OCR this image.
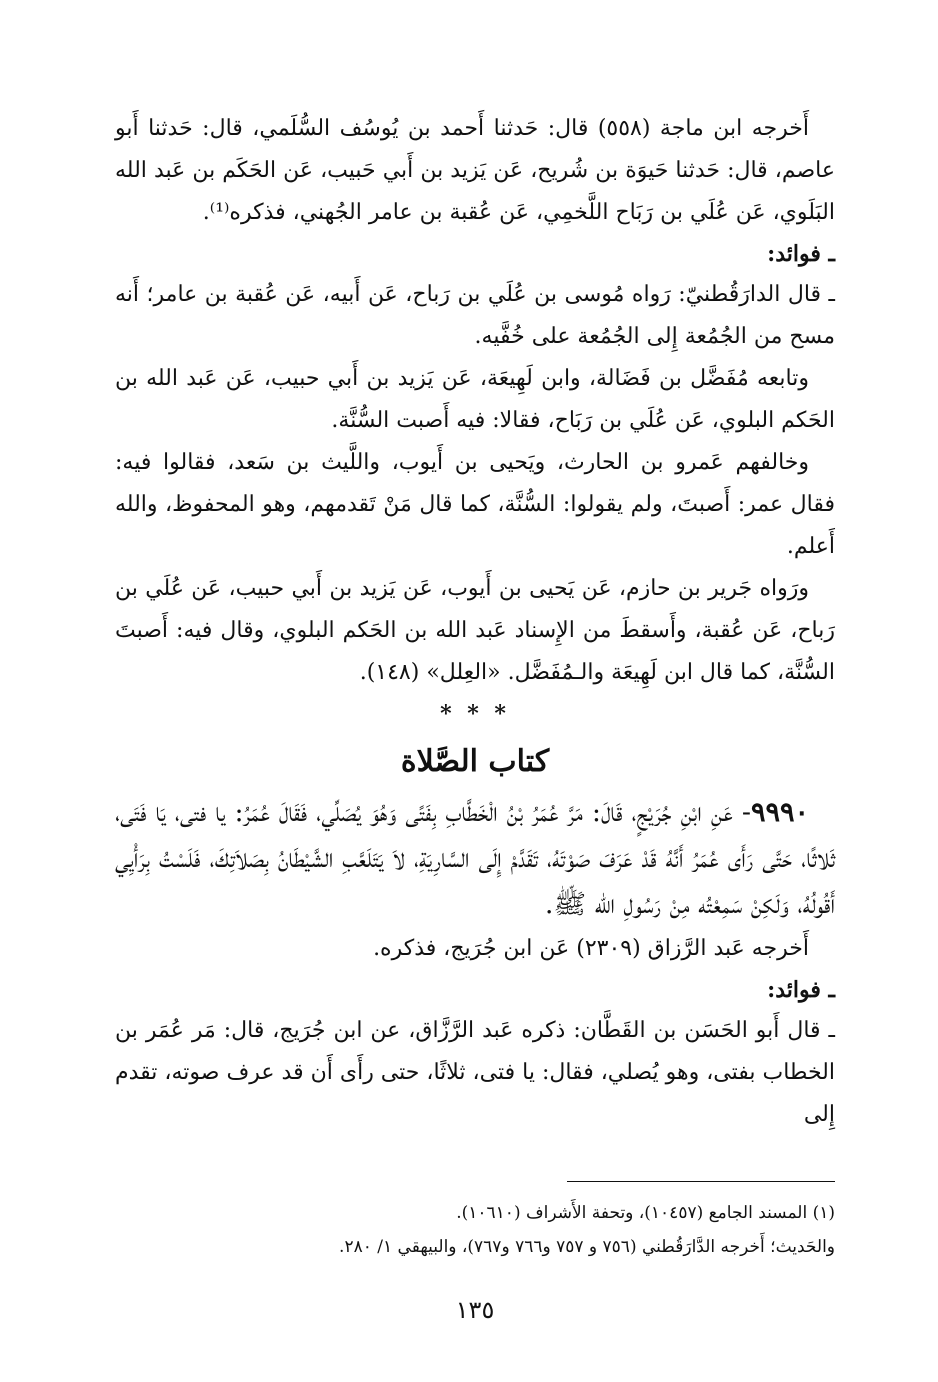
أَخرجه ابن ماجة (٥٥٨) قال: حَدثنا أَحمد بن يُوسُف السُّلَمي، قال: حَدثنا أَبو عاصم، قال: حَدثنا حَيوَة بن شُريح، عَن يَزيد بن أَبي حَبيب، عَن الحَكَم بن عَبد الله البَلَوي، عَن عُلَي بن رَبَاح اللَّخمِي، عَن عُقبة بن عامر الجُهني، فذكره⁽¹⁾.

ـ فوائد:

ـ قال الدارَقُطنيّ: رَواه مُوسى بن عُلَي بن رَباح، عَن أَبيه، عَن عُقبة بن عامر؛ أَنه مسح من الجُمُعة إِلى الجُمُعة على خُفَّيه.

وتابعه مُفَضَّل بن فَضَالة، وابن لَهِيعَة، عَن يَزيد بن أَبي حبيب، عَن عَبد الله بن الحَكم البلوي، عَن عُلَي بن رَبَاح، فقالا: فيه أَصبت السُّنَّة.

وخالفهم عَمرو بن الحارث، ويَحيى بن أَيوب، واللَّيث بن سَعد، فقالوا فيه: فقال عمر: أَصبتَ، ولم يقولوا: السُّنَّة، كما قال مَنْ تَقدمهم، وهو المحفوظ، والله أَعلم.

ورَواه جَرير بن حازم، عَن يَحيى بن أَيوب، عَن يَزيد بن أَبي حبيب، عَن عُلَي بن رَباح، عَن عُقبة، وأَسقطَ من الإِسناد عَبد الله بن الحَكم البلوي، وقال فيه: أَصبتَ السُّنَّة، كما قال ابن لَهِيعَة والـمُفَضَّل. «العِلل» (١٤٨).

* * *

كتاب الصَّلاة

٩٩٩٠- عَنِ ابْنِ جُرَيْجٍ، قَالَ: مَرَّ عُمَرُ بْنُ الْخَطَّابِ بِفَتًى وَهُوَ يُصَلِّي، فَقَالَ عُمَرُ: يا فتى، يَا فَتَى، ثَلاثًا، حَتَّى رَأَى عُمَرُ أَنَّهُ قَدْ عَرَفَ صَوْتَهُ، تَقَدَّمْ إِلَى السَّارِيَةِ، لاَ يَتَلَعَّبِ الشَّيْطَانُ بِصَلاَتِكَ، فَلَسْتُ بِرَأْيِي أَقُولُهُ، وَلَكِنْ سَمِعْتُه مِنْ رَسُولِ الله ﷺ.

أَخرجه عَبد الرَّزاق (٢٣٠٩) عَن ابن جُرَيج، فذكره.

ـ فوائد:

ـ قال أَبو الحَسَن بن القَطَّان: ذكره عَبد الرَّزَّاق، عن ابن جُرَيج، قال: مَر عُمَر بن الخطاب بفتى، وهو يُصلي، فقال: يا فتى، ثلاثًا، حتى رأَى أَن قد عرف صوته، تقدم إِلى

(١) المسند الجامع (١٠٤٥٧)، وتحفة الأَشراف (١٠٦١٠).

والحَديث؛ أَخرجه الدَّارَقُطني (٧٥٦ و ٧٥٧ و٧٦٦ و٧٦٧)، والبيهقي ١/ ٢٨٠.

١٣٥
